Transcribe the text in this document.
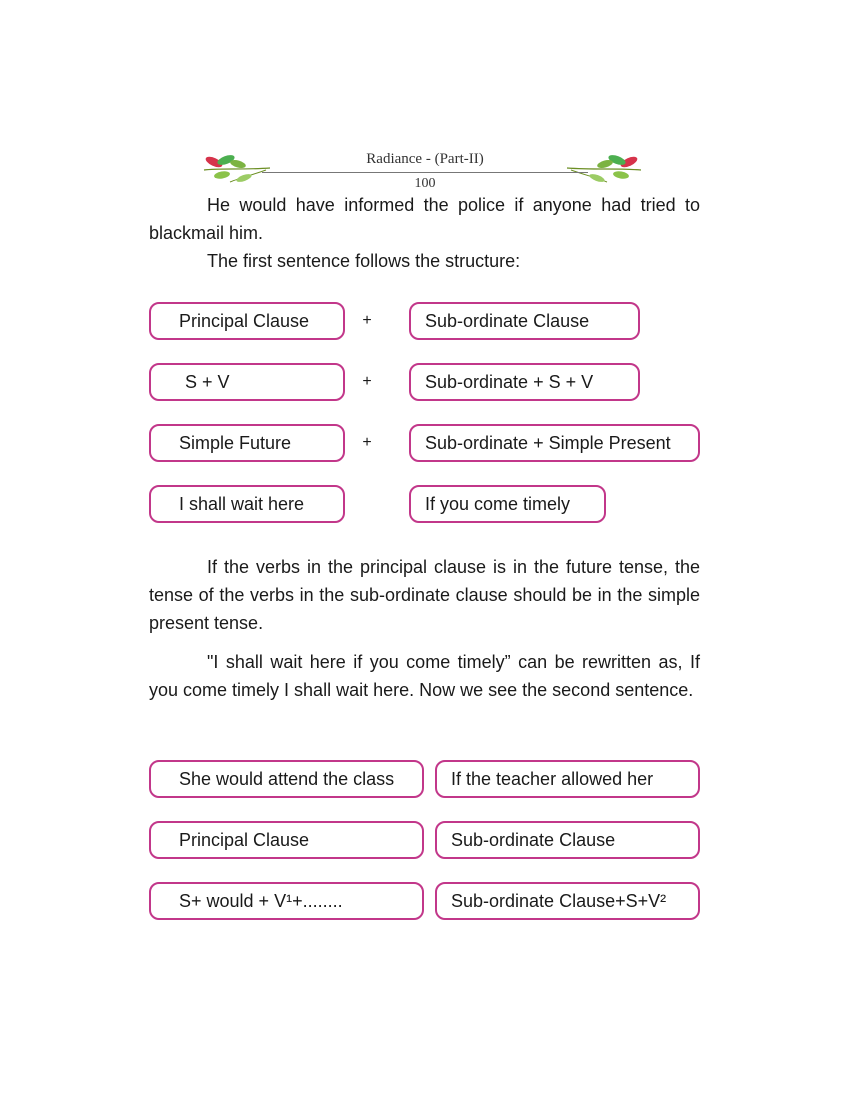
Radiance - (Part-II)
100

He would have informed the police if anyone had tried to blackmail him.

The first sentence follows the structure:

Principal Clause	+	Sub-ordinate Clause
S + V	+	Sub-ordinate + S + V
Simple Future	+	Sub-ordinate + Simple Present
I shall wait here	If you come timely

If the verbs in the principal clause is in the future tense, the tense of the verbs in the sub-ordinate clause should be in the simple present tense.

"I shall wait here if you come timely” can be rewritten as, If you come timely I shall wait here. Now we see the second sentence.

She would attend the class	If the teacher allowed her
Principal Clause	Sub-ordinate Clause
S+ would + V¹+........	Sub-ordinate Clause+S+V²
